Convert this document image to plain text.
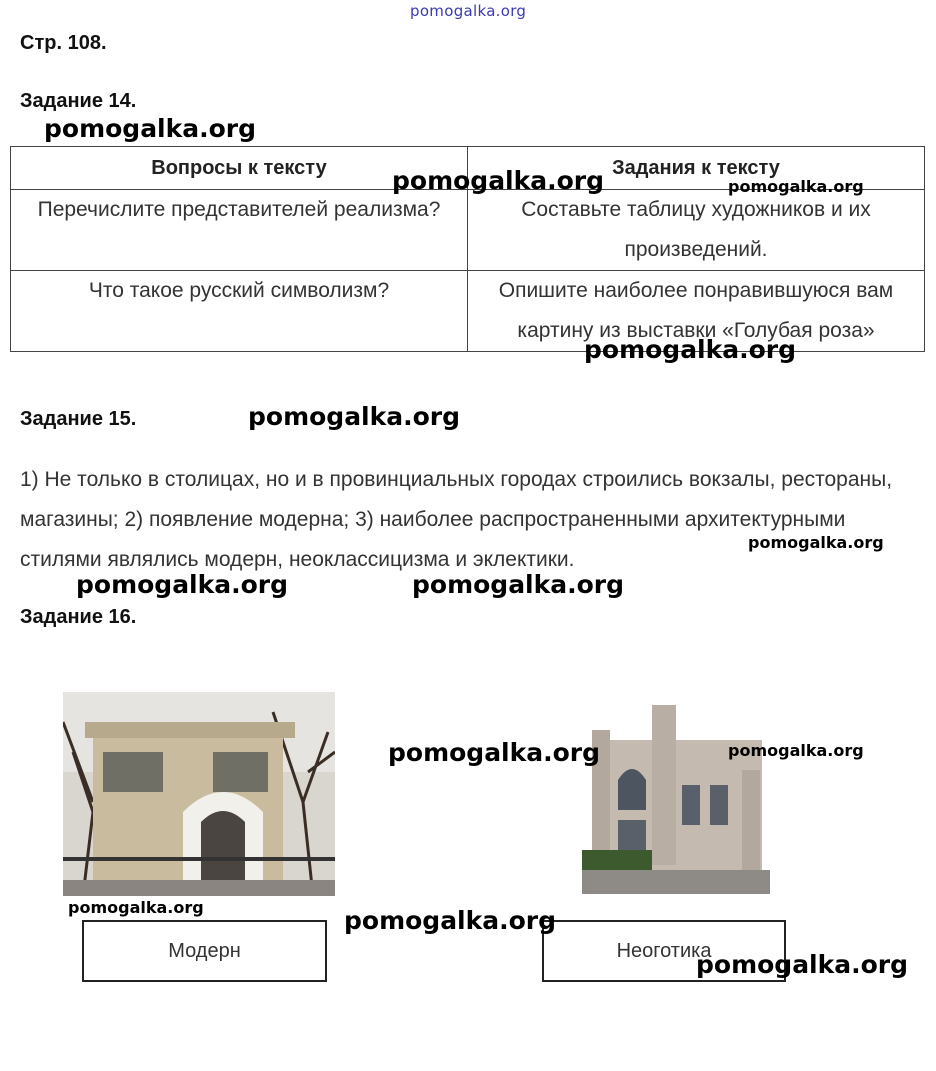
pomogalka.org
Стр. 108.
Задание 14.
Вопросы к тексту	Задания к тексту
Перечислите представителей реализма?	Составьте таблицу художников и их произведений.
Что такое русский символизм?	Опишите наиболее понравившуюся вам картину из выставки «Голубая роза»
Задание 15.
1) Не только в столицах, но и в провинциальных городах строились вокзалы, рестораны, магазины; 2) появление модерна; 3) наиболее распространенными архитектурными стилями являлись модерн, неоклассицизма и эклектики.
Задание 16.
Модерн	Неоготика
pomogalka.org
pomogalka.org	pomogalka.org
pomogalka.org
pomogalka.org
pomogalka.org
pomogalka.org	pomogalka.org
pomogalka.org	pomogalka.org
pomogalka.org	pomogalka.org
pomogalka.org
